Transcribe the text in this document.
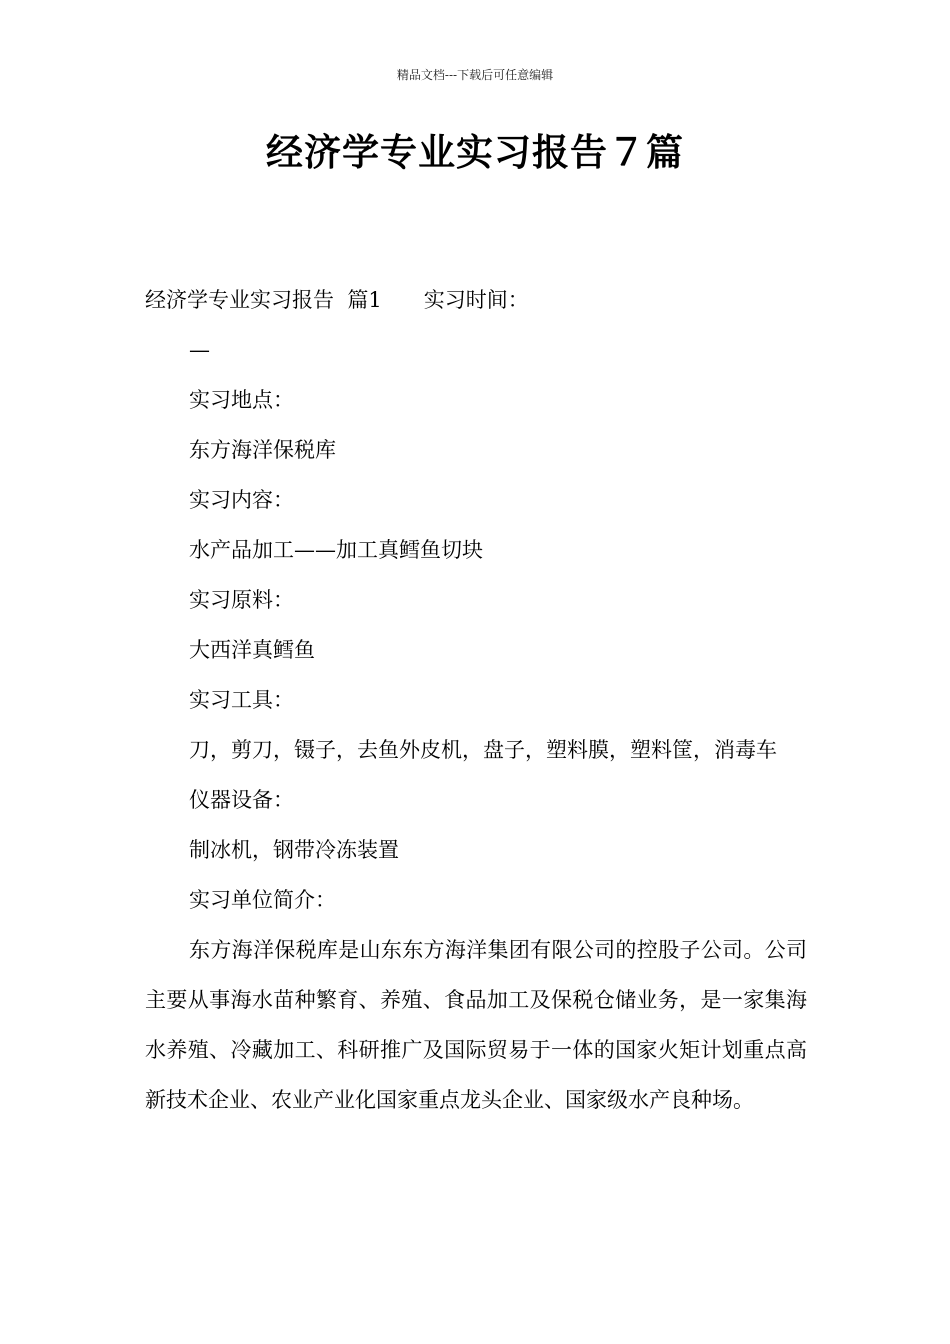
精品文档---下载后可任意编辑
经济学专业实习报告７篇

经济学专业实习报告  篇1 实习时间：

—

实习地点：

东方海洋保税库

实习内容：

水产品加工——加工真鳕鱼切块

实习原料：

大西洋真鳕鱼

实习工具：

刀，剪刀，镊子，去鱼外皮机，盘子，塑料膜，塑料筐，消毒车

仪器设备：

制冰机，钢带冷冻装置

实习单位简介：

东方海洋保税库是山东东方海洋集团有限公司的控股子公司。公司主要从事海水苗种繁育、养殖、食品加工及保税仓储业务，是一家集海水养殖、冷藏加工、科研推广及国际贸易于一体的国家火矩计划重点高新技术企业、农业产业化国家重点龙头企业、国家级水产良种场。
